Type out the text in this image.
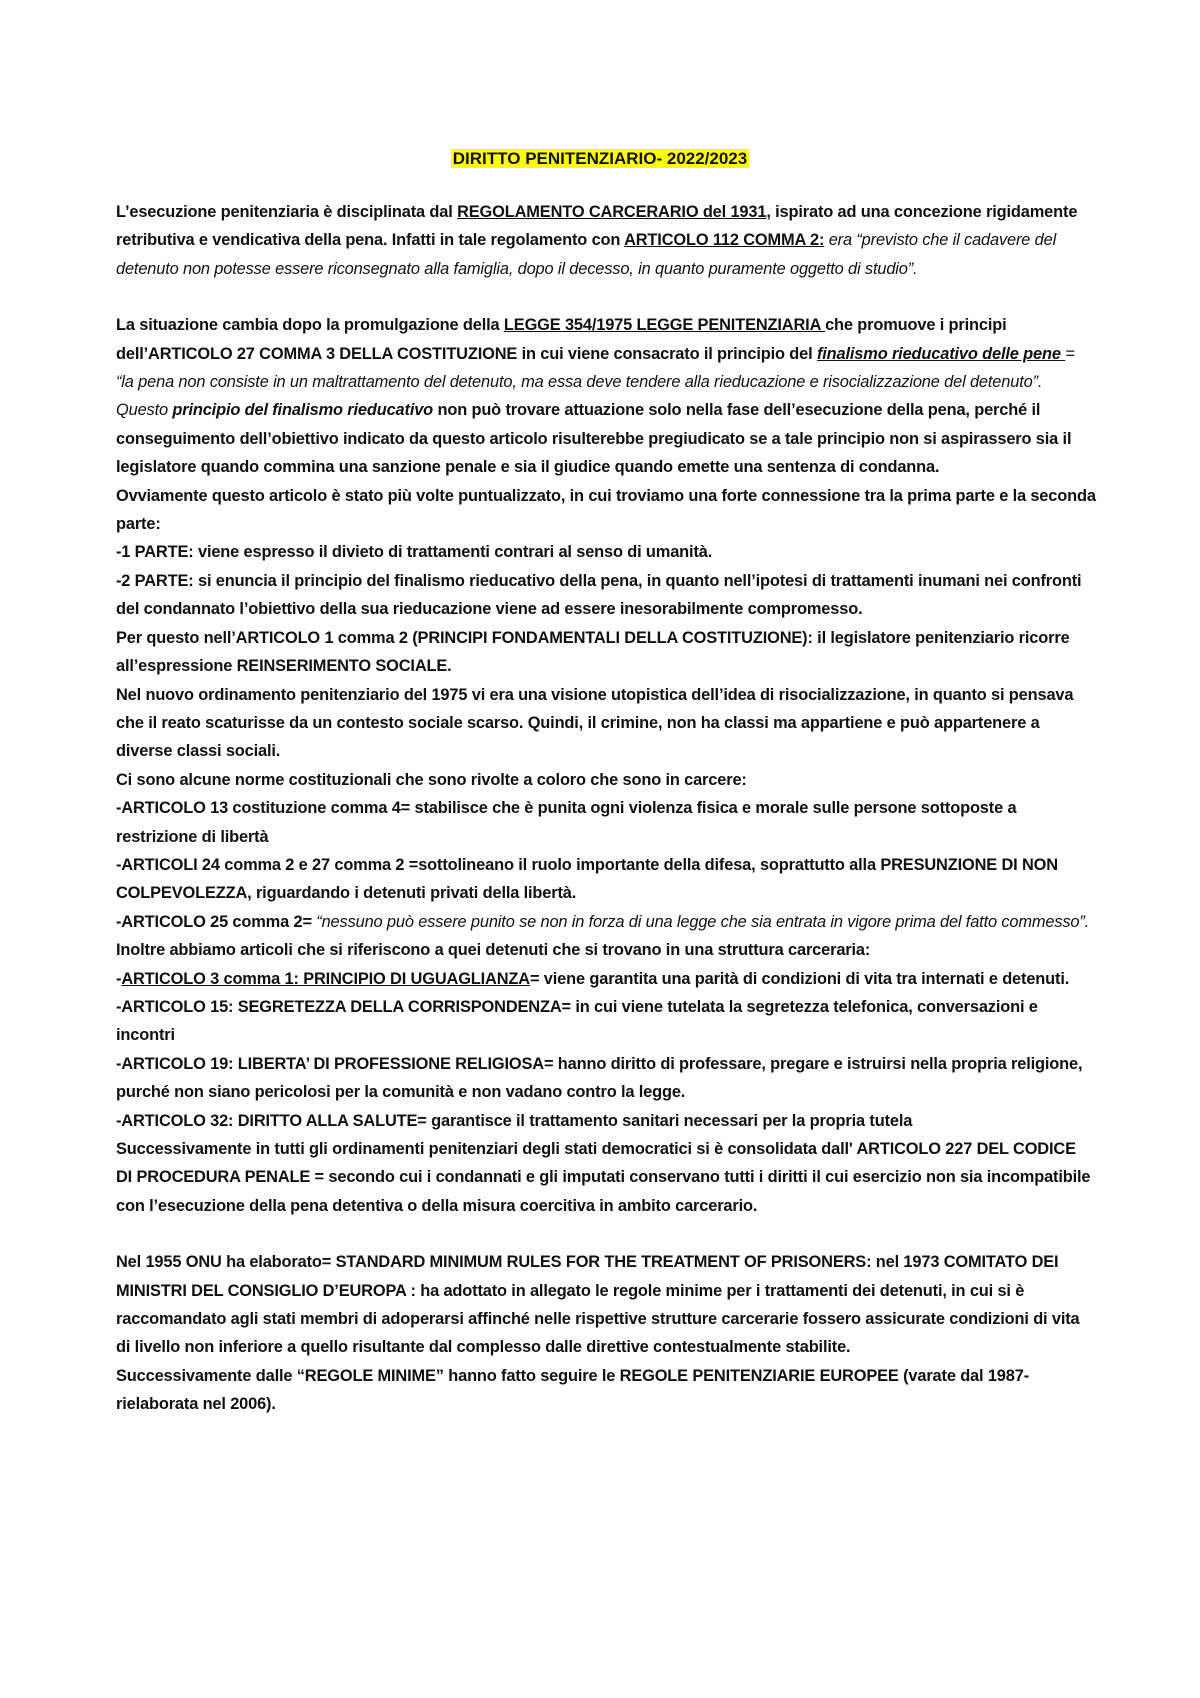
DIRITTO PENITENZIARIO- 2022/2023

L’esecuzione penitenziaria è disciplinata dal REGOLAMENTO CARCERARIO del 1931, ispirato ad una concezione rigidamente retributiva e vendicativa della pena. Infatti in tale regolamento con ARTICOLO 112 COMMA 2: era “previsto che il cadavere del detenuto non potesse essere riconsegnato alla famiglia, dopo il decesso, in quanto puramente oggetto di studio”.

La situazione cambia dopo la promulgazione della LEGGE 354/1975 LEGGE PENITENZIARIA che promuove i principi dell’ARTICOLO 27 COMMA 3 DELLA COSTITUZIONE in cui viene consacrato il principio del finalismo rieducativo delle pene = “la pena non consiste in un maltrattamento del detenuto, ma essa deve tendere alla rieducazione e risocializzazione del detenuto”.

Questo principio del finalismo rieducativo non può trovare attuazione solo nella fase dell’esecuzione della pena, perché il conseguimento dell’obiettivo indicato da questo articolo risulterebbe pregiudicato se a tale principio non si aspirassero sia il legislatore quando commina una sanzione penale e sia il giudice quando emette una sentenza di condanna.

Ovviamente questo articolo è stato più volte puntualizzato, in cui troviamo una forte connessione tra la prima parte e la seconda parte:

-1 PARTE: viene espresso il divieto di trattamenti contrari al senso di umanità.

-2 PARTE: si enuncia il principio del finalismo rieducativo della pena, in quanto nell’ipotesi di trattamenti inumani nei confronti del condannato l’obiettivo della sua rieducazione viene ad essere inesorabilmente compromesso.

Per questo nell’ARTICOLO 1 comma 2 (PRINCIPI FONDAMENTALI DELLA COSTITUZIONE): il legislatore penitenziario ricorre all’espressione REINSERIMENTO SOCIALE.

Nel nuovo ordinamento penitenziario del 1975 vi era una visione utopistica dell’idea di risocializzazione, in quanto si pensava che il reato scaturisse da un contesto sociale scarso. Quindi, il crimine, non ha classi ma appartiene e può appartenere a diverse classi sociali.

Ci sono alcune norme costituzionali che sono rivolte a coloro che sono in carcere:

-ARTICOLO 13 costituzione comma 4= stabilisce che è punita ogni violenza fisica e morale sulle persone sottoposte a restrizione di libertà

-ARTICOLI 24 comma 2 e 27 comma 2 =sottolineano il ruolo importante della difesa, soprattutto alla PRESUNZIONE DI NON COLPEVOLEZZA, riguardando i detenuti privati della libertà.

-ARTICOLO 25 comma 2= “nessuno può essere punito se non in forza di una legge che sia entrata in vigore prima del fatto commesso”.

Inoltre abbiamo articoli che si riferiscono a quei detenuti che si trovano in una struttura carceraria:

-ARTICOLO 3 comma 1: PRINCIPIO DI UGUAGLIANZA= viene garantita una parità di condizioni di vita tra internati e detenuti.

-ARTICOLO 15: SEGRETEZZA DELLA CORRISPONDENZA= in cui viene tutelata la segretezza telefonica, conversazioni e incontri

-ARTICOLO 19: LIBERTA’ DI PROFESSIONE RELIGIOSA= hanno diritto di professare, pregare e istruirsi nella propria religione, purché non siano pericolosi per la comunità e non vadano contro la legge.

-ARTICOLO 32: DIRITTO ALLA SALUTE= garantisce il trattamento sanitari necessari per la propria tutela

Successivamente in tutti gli ordinamenti penitenziari degli stati democratici si è consolidata dall' ARTICOLO 227 DEL CODICE DI PROCEDURA PENALE = secondo cui i condannati e gli imputati conservano tutti i diritti il cui esercizio non sia incompatibile con l’esecuzione della pena detentiva o della misura coercitiva in ambito carcerario.

Nel 1955 ONU ha elaborato= STANDARD MINIMUM RULES FOR THE TREATMENT OF PRISONERS: nel 1973 COMITATO DEI MINISTRI DEL CONSIGLIO D’EUROPA : ha adottato in allegato le regole minime per i trattamenti dei detenuti, in cui si è raccomandato agli stati membri di adoperarsi affinché nelle rispettive strutture carcerarie fossero assicurate condizioni di vita di livello non inferiore a quello risultante dal complesso dalle direttive contestualmente stabilite.

Successivamente dalle “REGOLE MINIME” hanno fatto seguire le REGOLE PENITENZIARIE EUROPEE (varate dal 1987-rielaborata nel 2006).
